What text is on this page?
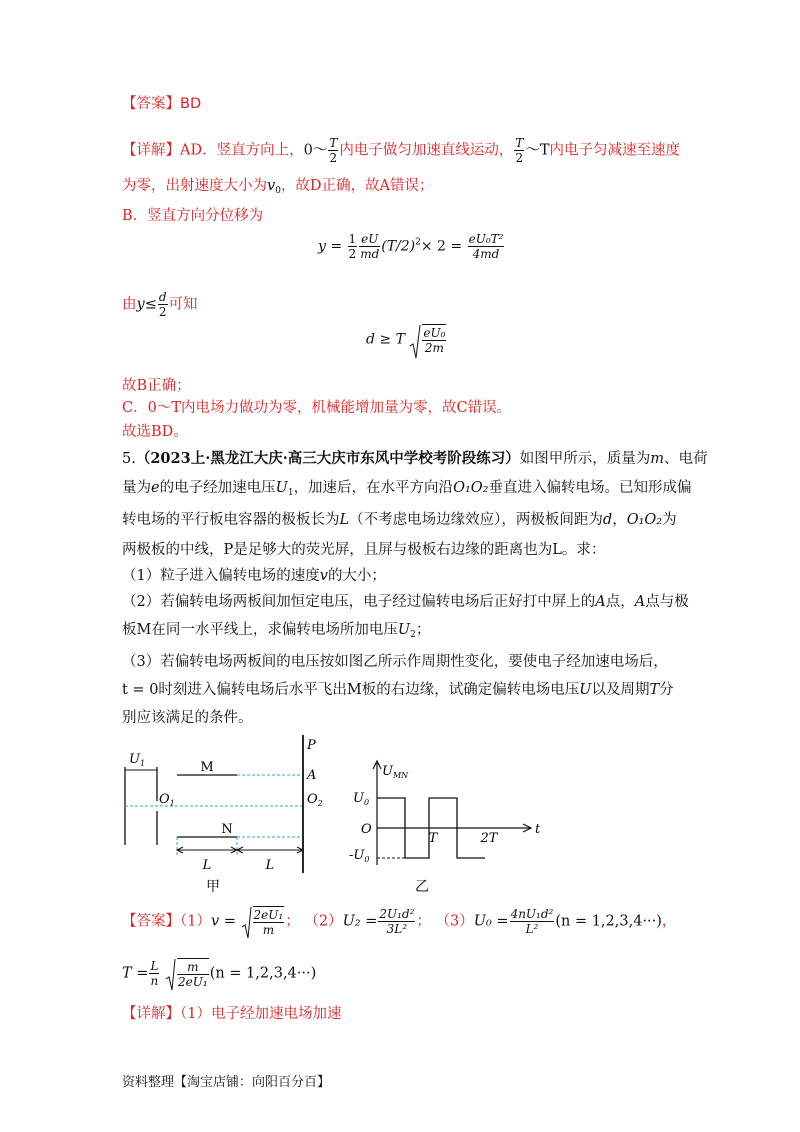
【答案】BD
【详解】AD．竖直方向上，0～ $\frac{T}{2}$ 内电子做匀加速直线运动， $\frac{T}{2}$ ～T内电子匀减速至速度
为零，出射速度大小为$v_0$，故D正确，故A错误；
B．竖直方向分位移为
$y = \frac{1}{2} \frac{eU}{md} (T/2)^2\times 2 = \frac{\text{eU₀T²}}{4md}$
由$y\le \frac{d}{2}$ 可知
d ≥ T $\frac{\text{eU₀}}{2m}$
故B正确；
C．0～T内电场力做功为零，机械能增加量为零，故C错误。
故选BD。
5.（2023上·黑龙江大庆·高三大庆市东风中学校考阶段练习）如图甲所示，质量为m、电荷
量为e的电子经加速电压$U_1$，加速后，在水平方向沿O₁O₂垂直进入偏转电场。已知形成偏
转电场的平行板电容器的极板长为L（不考虑电场边缘效应），两极板间距为d，O₁O₂为
两极板的中线，P是足够大的荧光屏，且屏与极板右边缘的距离也为L。求：
（1）粒子进入偏转电场的速度v的大小；
（2）若偏转电场两板间加恒定电压，电子经过偏转电场后正好打中屏上的A点，A点与极
板M在同一水平线上，求偏转电场所加电压$U_2$；
（3）若偏转电场两板间的电压按如图乙所示作周期性变化，要使电子经加速电场后，
t = 0时刻进入偏转电场后水平飞出M板的右边缘，试确定偏转电场电压U以及周期T分
别应该满足的条件。
$U_1$	M
N
$O_1$	$O_2$
P
A
L	L
甲
$U_{MN}$
$U_0$
O
$-U_0$
T	2T
t
乙
【答案】$(1)v = \frac{\text{2eU₁}}{m}$ ； $(2)U_2 = \frac{\text{2U₁d²}}{\text{3L²}}$ ； $(3)U_0 = \frac{\text{4nU₁d²}}{\text{L²}} (n = 1,2,3,4\cdot\cdot\cdot)$，
$T = \frac{L}{n}$
$\frac{m}{\text{2eU₁}} (n = 1,2,3,4\cdot\cdot\cdot)$
【详解】（1）电子经加速电场加速
资料整理【淘宝店铺：向阳百分百】
